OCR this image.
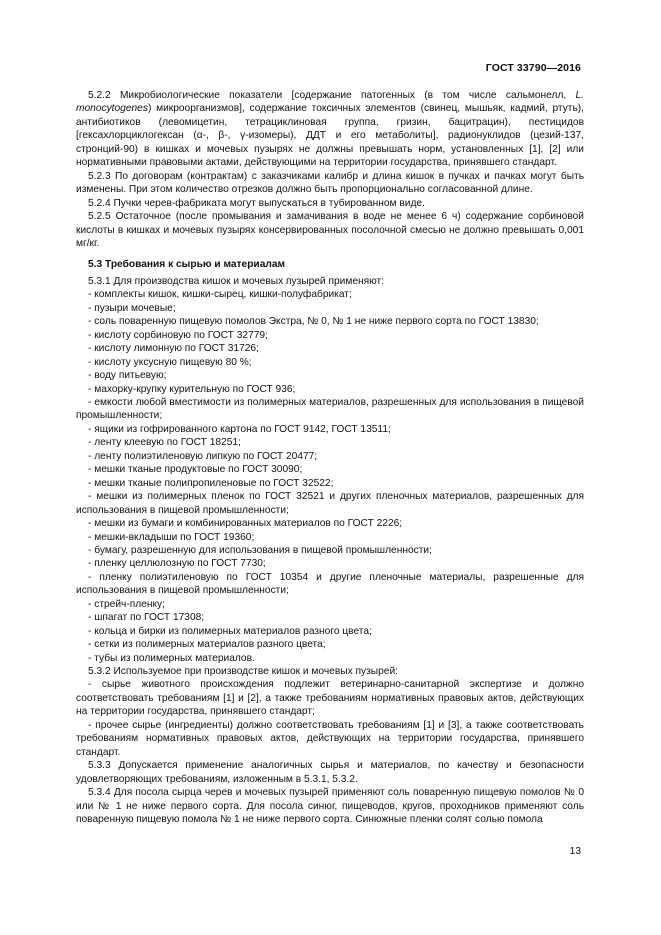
ГОСТ 33790—2016

5.2.2 Микробиологические показатели [содержание патогенных (в том числе сальмонелл, L. monocytogenes) микроорганизмов], содержание токсичных элементов (свинец, мышьяк, кадмий, ртуть), антибиотиков (левомицетин, тетрациклиновая группа, гризин, бацитрацин), пестицидов [гексахлорциклогексан (α-, β-, γ-изомеры), ДДТ и его метаболиты], радионуклидов (цезий-137, стронций-90) в кишках и мочевых пузырях не должны превышать норм, установленных [1], [2] или нормативными правовыми актами, действующими на территории государства, принявшего стандарт.

5.2.3 По договорам (контрактам) с заказчиками калибр и длина кишок в пучках и пачках могут быть изменены. При этом количество отрезков должно быть пропорционально согласованной длине.

5.2.4 Пучки черев-фабриката могут выпускаться в тубированном виде.

5.2.5 Остаточное (после промывания и замачивания в воде не менее 6 ч) содержание сорбиновой кислоты в кишках и мочевых пузырях консервированных посолочной смесью не должно превышать 0,001 мг/кг.

5.3 Требования к сырью и материалам

5.3.1 Для производства кишок и мочевых пузырей применяют:

- комплекты кишок, кишки-сырец, кишки-полуфабрикат;

- пузыри мочевые;

- соль поваренную пищевую помолов Экстра, № 0, № 1 не ниже первого сорта по ГОСТ 13830;

- кислоту сорбиновую по ГОСТ 32779;

- кислоту лимонную по ГОСТ 31726;

- кислоту уксусную пищевую 80 %;

- воду питьевую;

- махорку-крупку курительную по ГОСТ 936;

- емкости любой вместимости из полимерных материалов, разрешенных для использования в пищевой промышленности;

- ящики из гофрированного картона по ГОСТ 9142, ГОСТ 13511;

- ленту клеевую по ГОСТ 18251;

- ленту полиэтиленовую липкую по ГОСТ 20477;

- мешки тканые продуктовые по ГОСТ 30090;

- мешки тканые полипропиленовые по ГОСТ 32522;

- мешки из полимерных пленок по ГОСТ 32521 и других пленочных материалов, разрешенных для использования в пищевой промышленности;

- мешки из бумаги и комбинированных материалов по ГОСТ 2226;

- мешки-вкладыши по ГОСТ 19360;

- бумагу, разрешенную для использования в пищевой промышленности;

- пленку целлюлозную по ГОСТ 7730;

- пленку полиэтиленовую по ГОСТ 10354 и другие пленочные материалы, разрешенные для использования в пищевой промышленности;

- стрейч-пленку;

- шпагат по ГОСТ 17308;

- кольца и бирки из полимерных материалов разного цвета;

- сетки из полимерных материалов разного цвета;

- тубы из полимерных материалов.

5.3.2 Используемое при производстве кишок и мочевых пузырей:

- сырье животного происхождения подлежит ветеринарно-санитарной экспертизе и должно соответствовать требованиям [1] и [2], а также требованиям нормативных правовых актов, действующих на территории государства, принявшего стандарт;

- прочее сырье (ингредиенты) должно соответствовать требованиям [1] и [3], а также соответствовать требованиям нормативных правовых актов, действующих на территории государства, принявшего стандарт.

5.3.3 Допускается применение аналогичных сырья и материалов, по качеству и безопасности удовлетворяющих требованиям, изложенным в 5.3.1, 5.3.2.

5.3.4 Для посола сырца черев и мочевых пузырей применяют соль поваренную пищевую помолов № 0 или № 1 не ниже первого сорта. Для посола синюг, пищеводов, кругов, проходников применяют соль поваренную пищевую помола № 1 не ниже первого сорта. Синюжные пленки солят солью помола

13
